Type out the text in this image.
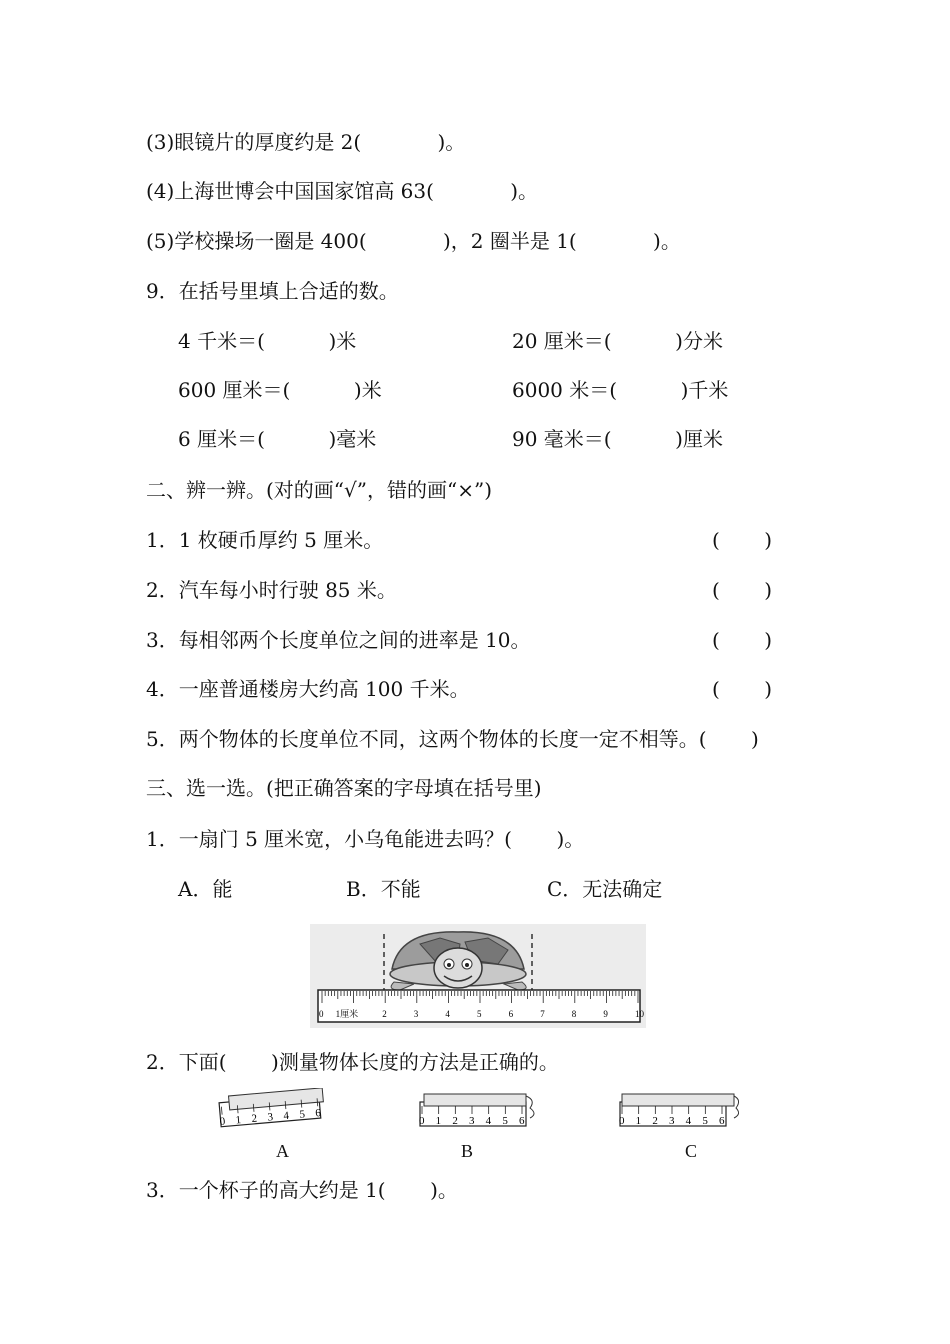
(3)眼镜片的厚度约是 2(            )。
(4)上海世博会中国国家馆高 63(            )。
(5)学校操场一圈是 400(            )，2 圈半是 1(            )。
9．在括号里填上合适的数。
4 千米＝(          )米	20 厘米＝(          )分米
600 厘米＝(          )米	6000 米＝(          )千米
6 厘米＝(          )毫米	90 毫米＝(          )厘米
二、辨一辨。(对的画“√”，错的画“×”)
1．1 枚硬币厚约 5 厘米。	(       )
2．汽车每小时行驶 85 米。	(       )
3．每相邻两个长度单位之间的进率是 10。	(       )
4．一座普通楼房大约高 100 千米。	(       )
5．两个物体的长度单位不同，这两个物体的长度一定不相等。(       )
三、选一选。(把正确答案的字母填在括号里)
1．一扇门 5 厘米宽，小乌龟能进去吗？(       )。
A．能	B．不能	C．无法确定
0 1厘米	2	3	4	5	6	7	8	9	10
2．下面(       )测量物体长度的方法是正确的。
0 1 2 3 4 5 6
0 1 2 3 4 5 6	0 1 2 3 4 5 6
A	B	C
3．一个杯子的高大约是 1(       )。
